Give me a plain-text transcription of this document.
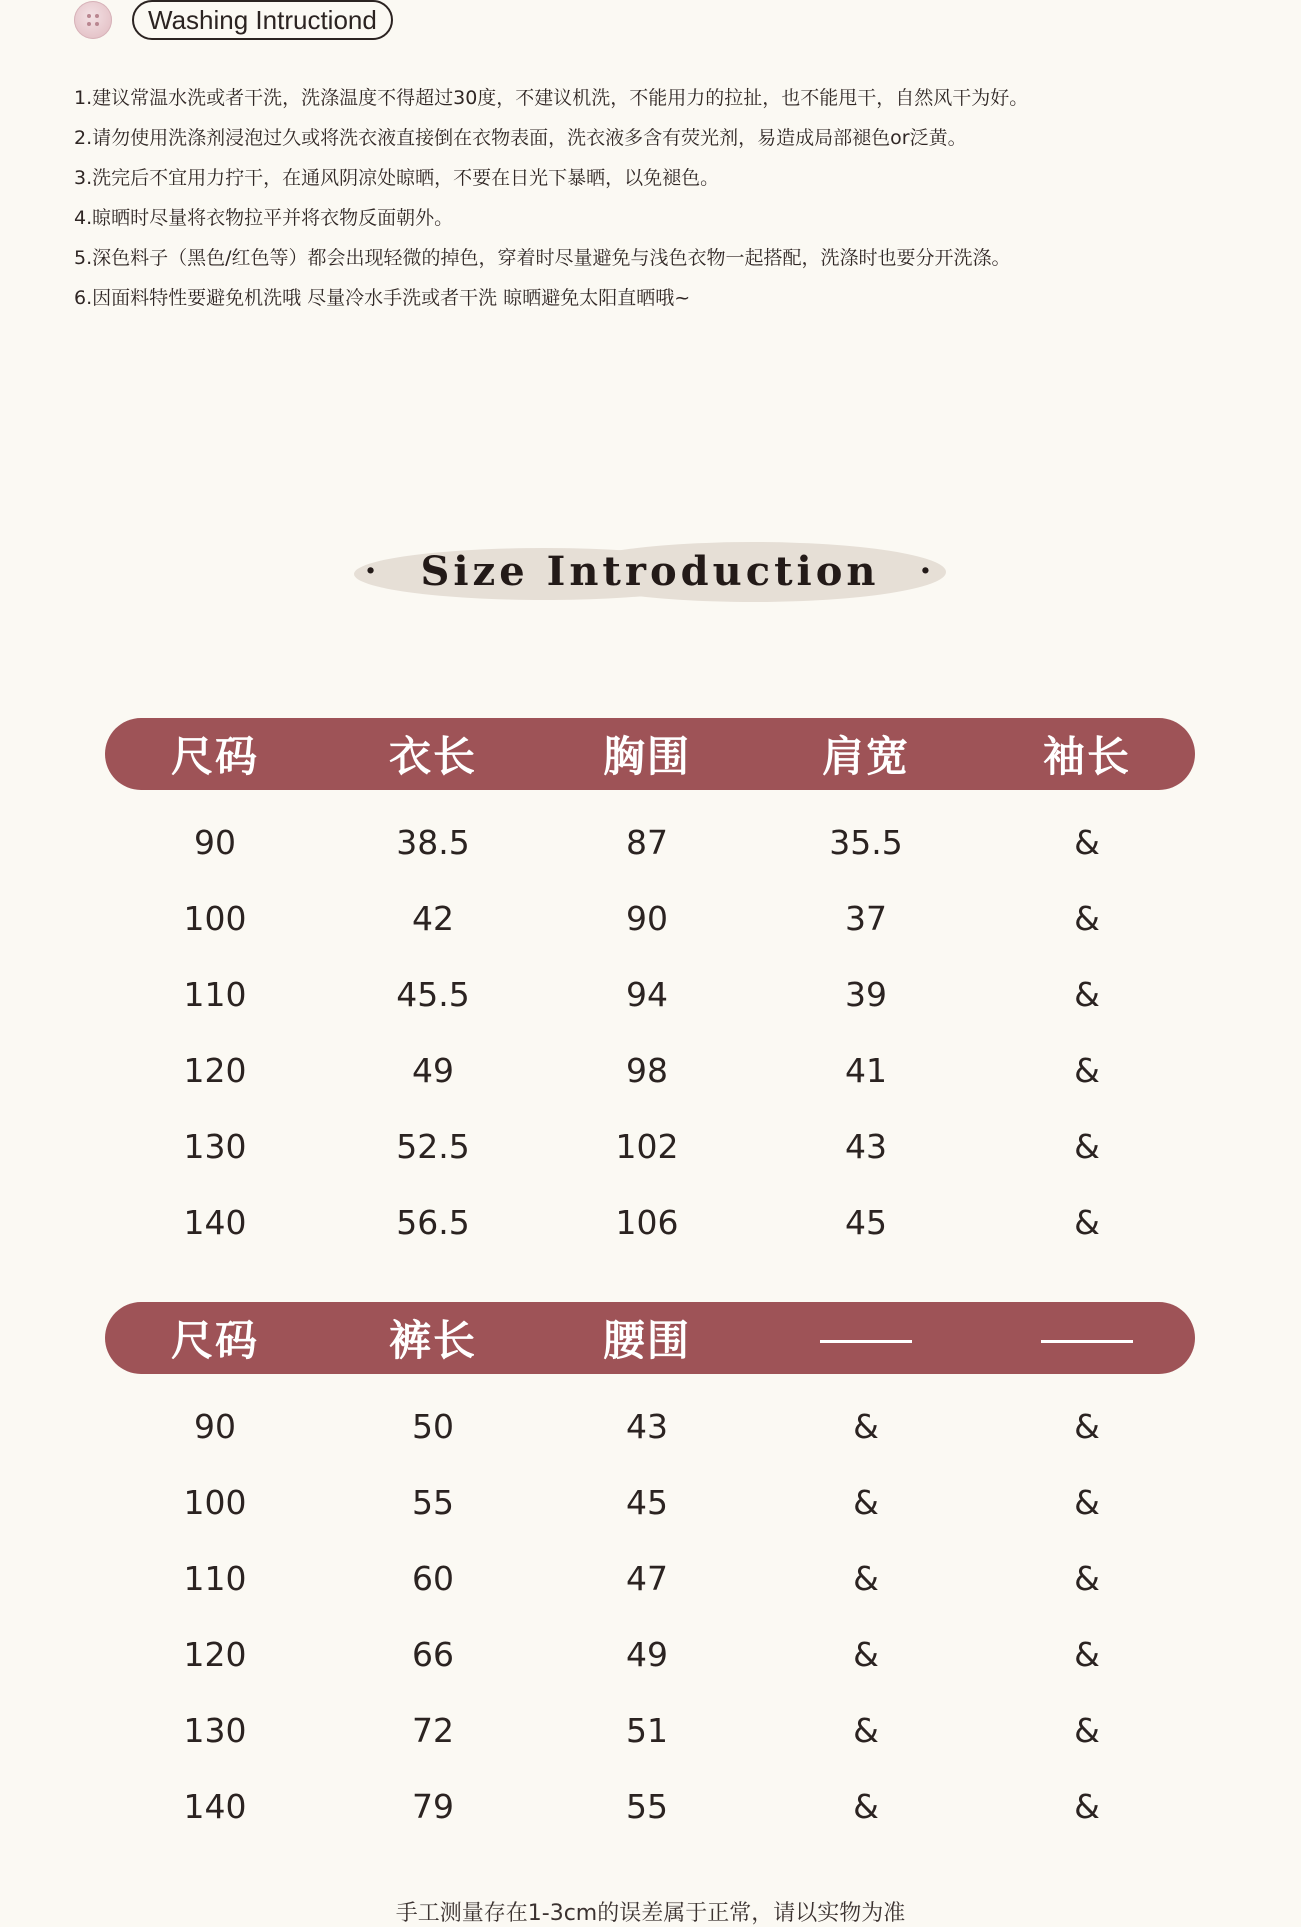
Washing Intructiond

1.建议常温水洗或者干洗，洗涤温度不得超过30度，不建议机洗，不能用力的拉扯，也不能甩干，自然风干为好。

2.请勿使用洗涤剂浸泡过久或将洗衣液直接倒在衣物表面，洗衣液多含有荧光剂，易造成局部褪色or泛黄。

3.洗完后不宜用力拧干，在通风阴凉处晾晒，不要在日光下暴晒，以免褪色。

4.晾晒时尽量将衣物拉平并将衣物反面朝外。

5.深色料子（黑色/红色等）都会出现轻微的掉色，穿着时尽量避免与浅色衣物一起搭配，洗涤时也要分开洗涤。

6.因面料特性要避免机洗哦 尽量冷水手洗或者干洗 晾晒避免太阳直晒哦~

· Size Introduction ·
尺码	衣长	胸围	肩宽	袖长
90	38.5	87	35.5	&
100	42	90	37	&
110	45.5	94	39	&
120	49	98	41	&
130	52.5	102	43	&
140	56.5	106	45	&
尺码	裤长	腰围
90	50	43	&	&
100	55	45	&	&
110	60	47	&	&
120	66	49	&	&
130	72	51	&	&
140	79	55	&	&
手工测量存在1-3cm的误差属于正常，请以实物为准
